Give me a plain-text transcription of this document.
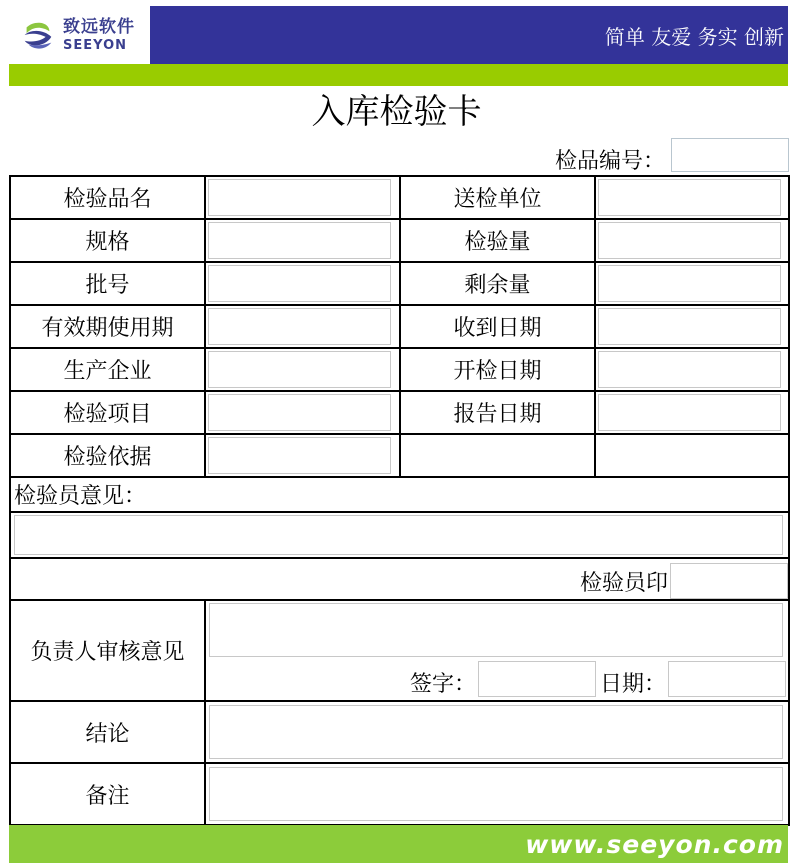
致远软件
SEEYON	简单 友爱 务实 创新
入库检验卡
检品编号：
检验品名		送检单位	

规格		检验量	

批号		剩余量	

有效期使用期		收到日期	

生产企业		开检日期	

检验项目		报告日期	

检验依据	

检验员意见：			

检验员印			

负责人审核意见	签字： 日期：		

结论	

备注	
www.seeyon.com
